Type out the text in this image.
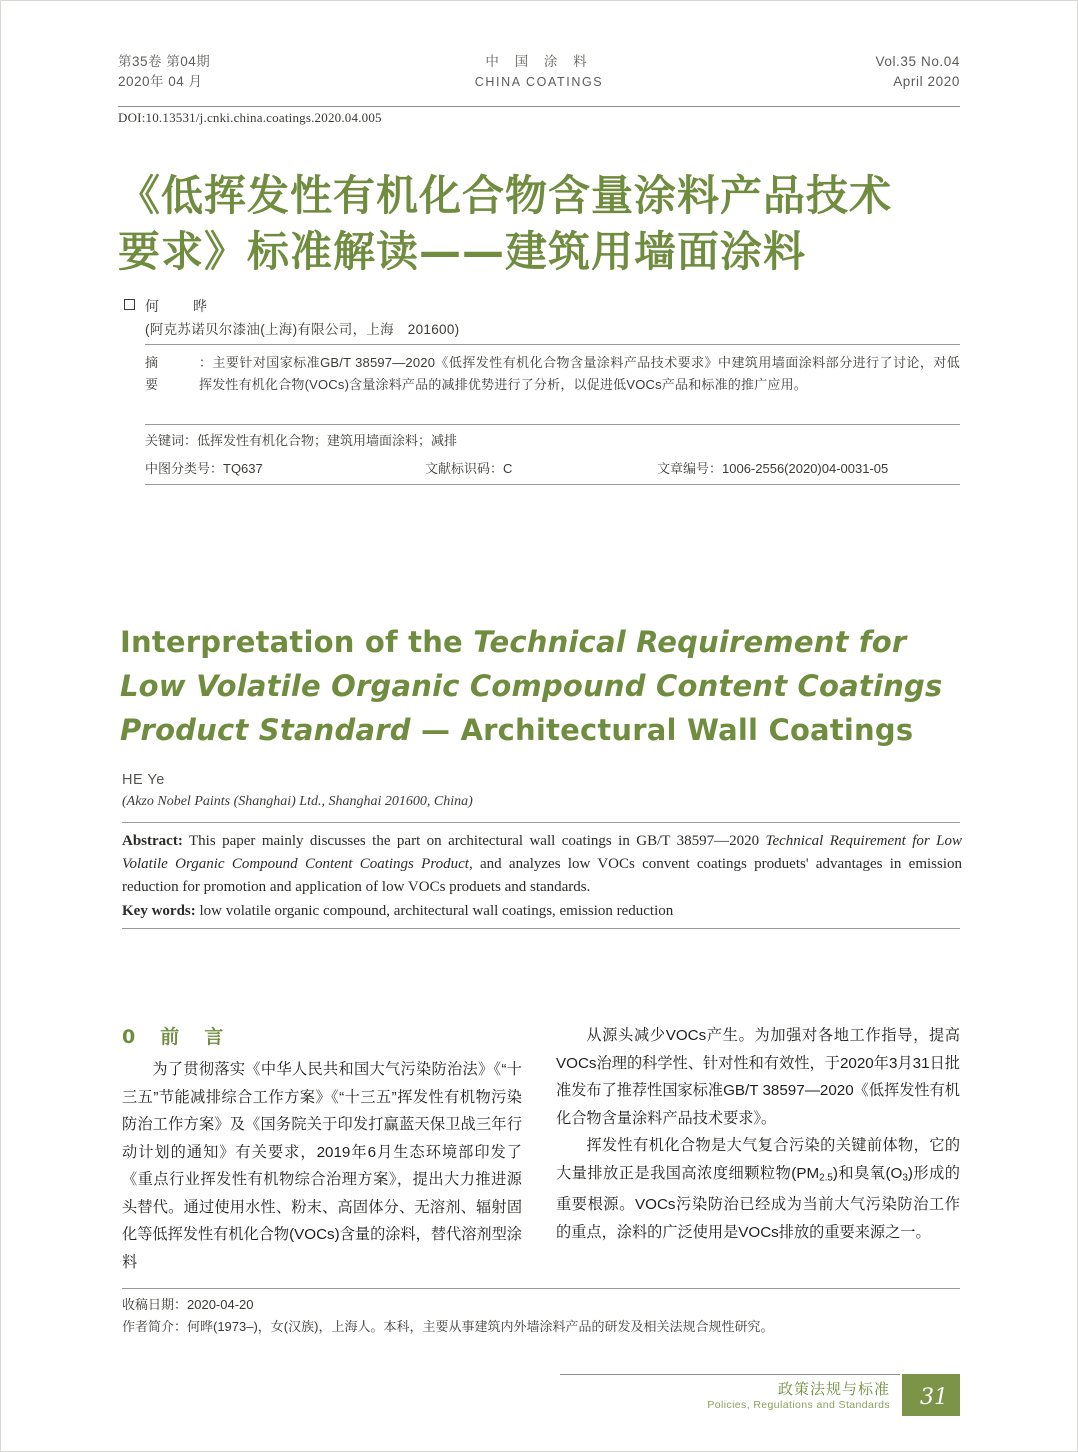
第35卷 第04期
2020年 04 月
中 国 涂 料
CHINA COATINGS
Vol.35 No.04
April 2020
DOI:10.13531/j.cnki.china.coatings.2020.04.005
《低挥发性有机化合物含量涂料产品技术
要求》标准解读——建筑用墙面涂料
何　晔
(阿克苏诺贝尔漆油(上海)有限公司，上海　201600)
摘　要
：主要针对国家标准GB/T 38597—2020《低挥发性有机化合物含量涂料产品技术要求》中建筑用墙面涂料部分进行了讨论，对低挥发性有机化合物(VOCs)含量涂料产品的减排优势进行了分析，以促进低VOCs产品和标准的推广应用。
关键词：低挥发性有机化合物；建筑用墙面涂料；减排
中图分类号：TQ637	文献标识码：C	文章编号：1006-2556(2020)04-0031-05
Interpretation of the Technical Requirement for Low Volatile Organic Compound Content Coatings Product Standard — Architectural Wall Coatings
HE Ye
(Akzo Nobel Paints (Shanghai) Ltd., Shanghai 201600, China)
Abstract: This paper mainly discusses the part on architectural wall coatings in GB/T 38597—2020 Technical Requirement for Low Volatile Organic Compound Content Coatings Product, and analyzes low VOCs convent coatings produets' advantages in emission reduction for promotion and application of low VOCs produets and standards.
Key words: low volatile organic compound, architectural wall coatings, emission reduction
0　前　言

为了贯彻落实《中华人民共和国大气污染防治法》《“十三五”节能减排综合工作方案》《“十三五”挥发性有机物污染防治工作方案》及《国务院关于印发打赢蓝天保卫战三年行动计划的通知》有关要求，2019年6月生态环境部印发了《重点行业挥发性有机物综合治理方案》，提出大力推进源头替代。通过使用水性、粉末、高固体分、无溶剂、辐射固化等低挥发性有机化合物(VOCs)含量的涂料，替代溶剂型涂料

从源头减少VOCs产生。为加强对各地工作指导，提高VOCs治理的科学性、针对性和有效性，于2020年3月31日批准发布了推荐性国家标准GB/T 38597—2020《低挥发性有机化合物含量涂料产品技术要求》。

挥发性有机化合物是大气复合污染的关键前体物，它的大量排放正是我国高浓度细颗粒物$(PM_{2.5})$和臭氧$(O_3)$形成的重要根源。VOCs污染防治已经成为当前大气污染防治工作的重点，涂料的广泛使用是VOCs排放的重要来源之一。

收稿日期：2020-04-20
作者简介：何晔(1973–)，女(汉族)，上海人。本科，主要从事建筑内外墙涂料产品的研发及相关法规合规性研究。
政策法规与标准
Policies, Regulations and Standards 31
